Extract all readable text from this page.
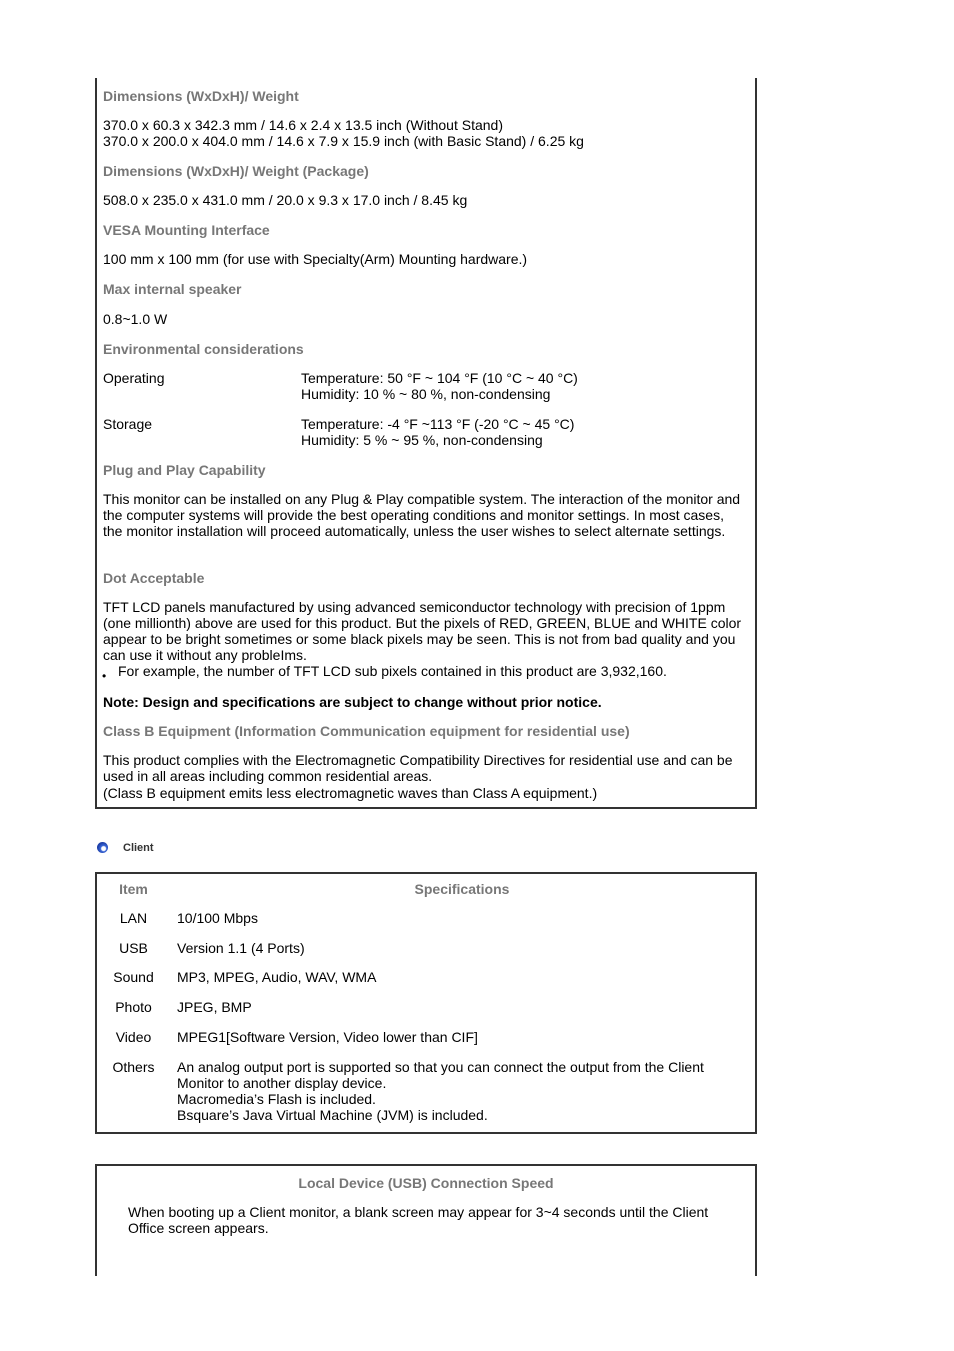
Dimensions (WxDxH)/ Weight
370.0 x 60.3 x 342.3 mm / 14.6 x 2.4 x 13.5 inch (Without Stand)
370.0 x 200.0 x 404.0 mm / 14.6 x 7.9 x 15.9 inch (with Basic Stand) / 6.25 kg
Dimensions (WxDxH)/ Weight (Package)
508.0 x 235.0 x 431.0 mm / 20.0 x 9.3 x 17.0 inch / 8.45 kg
VESA Mounting Interface
100 mm x 100 mm (for use with Specialty(Arm) Mounting hardware.)
Max internal speaker
0.8~1.0 W
Environmental considerations
Operating	Temperature: 50 °F ~ 104 °F (10 °C ~ 40 °C)
Humidity: 10 % ~ 80 %, non-condensing
Storage	Temperature: -4 °F ~113 °F (-20 °C ~ 45 °C)
Humidity: 5 % ~ 95 %, non-condensing
Plug and Play Capability
This monitor can be installed on any Plug & Play compatible system. The interaction of the monitor and the computer systems will provide the best operating conditions and monitor settings. In most cases, the monitor installation will proceed automatically, unless the user wishes to select alternate settings.
Dot Acceptable
TFT LCD panels manufactured by using advanced semiconductor technology with precision of 1ppm (one millionth) above are used for this product. But the pixels of RED, GREEN, BLUE and WHITE color appear to be bright sometimes or some black pixels may be seen. This is not from bad quality and you can use it without any probleIms.
• For example, the number of TFT LCD sub pixels contained in this product are 3,932,160.
Note: Design and specifications are subject to change without prior notice.
Class B Equipment (Information Communication equipment for residential use)
This product complies with the Electromagnetic Compatibility Directives for residential use and can be used in all areas including common residential areas.
(Class B equipment emits less electromagnetic waves than Class A equipment.)
Client
Item	Specifications
LAN	10/100 Mbps
USB	Version 1.1 (4 Ports)
Sound	MP3, MPEG, Audio, WAV, WMA
Photo	JPEG, BMP
Video	MPEG1[Software Version, Video lower than CIF]
Others	An analog output port is supported so that you can connect the output from the Client Monitor to another display device.
Macromedia’s Flash is included.
Bsquare’s Java Virtual Machine (JVM) is included.
Local Device (USB) Connection Speed
When booting up a Client monitor, a blank screen may appear for 3~4 seconds until the Client Office screen appears.
